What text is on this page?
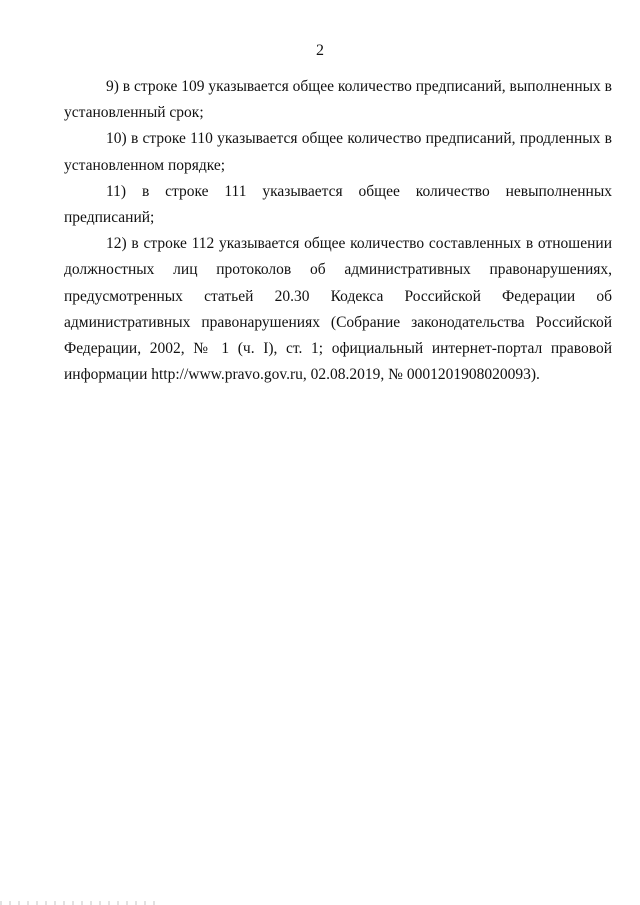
2

9) в строке 109 указывается общее количество предписаний, выполненных в установленный срок;

10) в строке 110 указывается общее количество предписаний, продленных в установленном порядке;

11) в строке 111 указывается общее количество невыполненных предписаний;

12) в строке 112 указывается общее количество составленных в отношении должностных лиц протоколов об административных правонарушениях, предусмотренных статьей 20.30 Кодекса Российской Федерации об административных правонарушениях (Собрание законодательства Российской Федерации, 2002, № 1 (ч. I), ст. 1; официальный интернет-портал правовой информации http://www.pravo.gov.ru, 02.08.2019, № 0001201908020093).
